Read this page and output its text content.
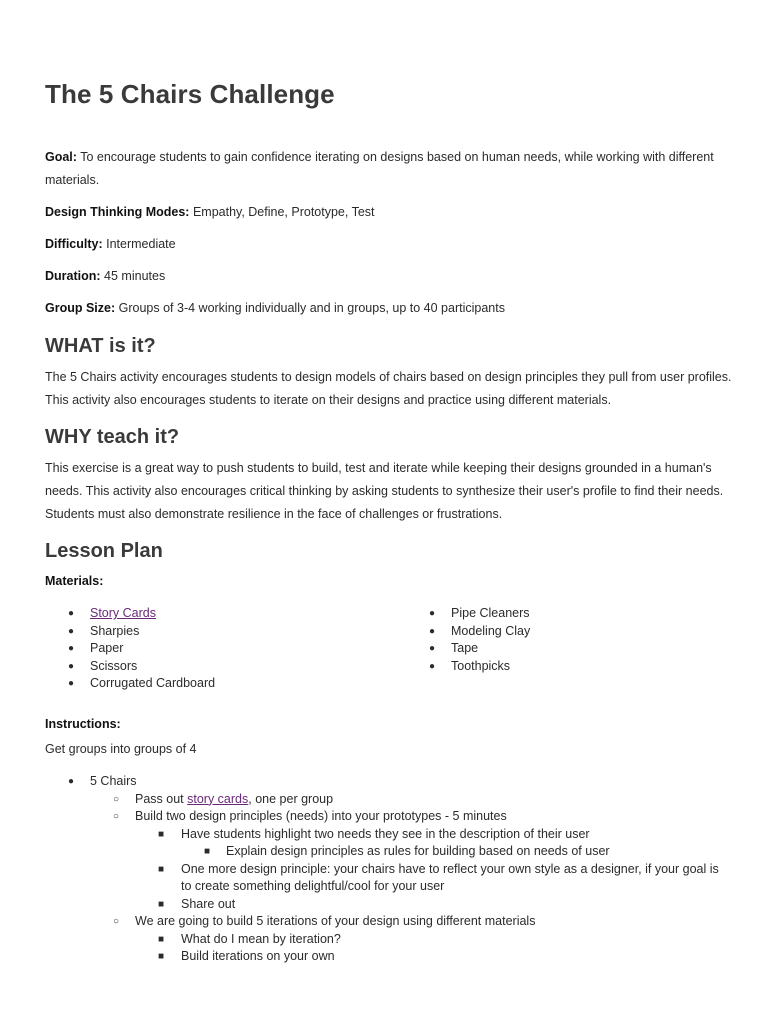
The 5 Chairs Challenge
Goal: To encourage students to gain confidence iterating on designs based on human needs, while working with different materials.
Design Thinking Modes: Empathy, Define, Prototype, Test
Difficulty: Intermediate
Duration: 45 minutes
Group Size: Groups of 3-4 working individually and in groups, up to 40 participants
WHAT is it?
The 5 Chairs activity encourages students to design models of chairs based on design principles they pull from user profiles. This activity also encourages students to iterate on their designs and practice using different materials.
WHY teach it?
This exercise is a great way to push students to build, test and iterate while keeping their designs grounded in a human's needs. This activity also encourages critical thinking by asking students to synthesize their user's profile to find their needs. Students must also demonstrate resilience in the face of challenges or frustrations.
Lesson Plan
Materials:
● Story Cards
● Sharpies
● Paper
● Scissors
● Corrugated Cardboard
● Pipe Cleaners
● Modeling Clay
● Tape
● Toothpicks
Instructions:
Get groups into groups of 4
● 5 Chairs
○ Pass out story cards, one per group
○ Build two design principles (needs) into your prototypes - 5 minutes
■ Have students highlight two needs they see in the description of their user
■ Explain design principles as rules for building based on needs of user
■ One more design principle: your chairs have to reflect your own style as a designer, if your goal is
to create something delightful/cool for your user
■ Share out
○ We are going to build 5 iterations of your design using different materials
■ What do I mean by iteration?
■ Build iterations on your own
